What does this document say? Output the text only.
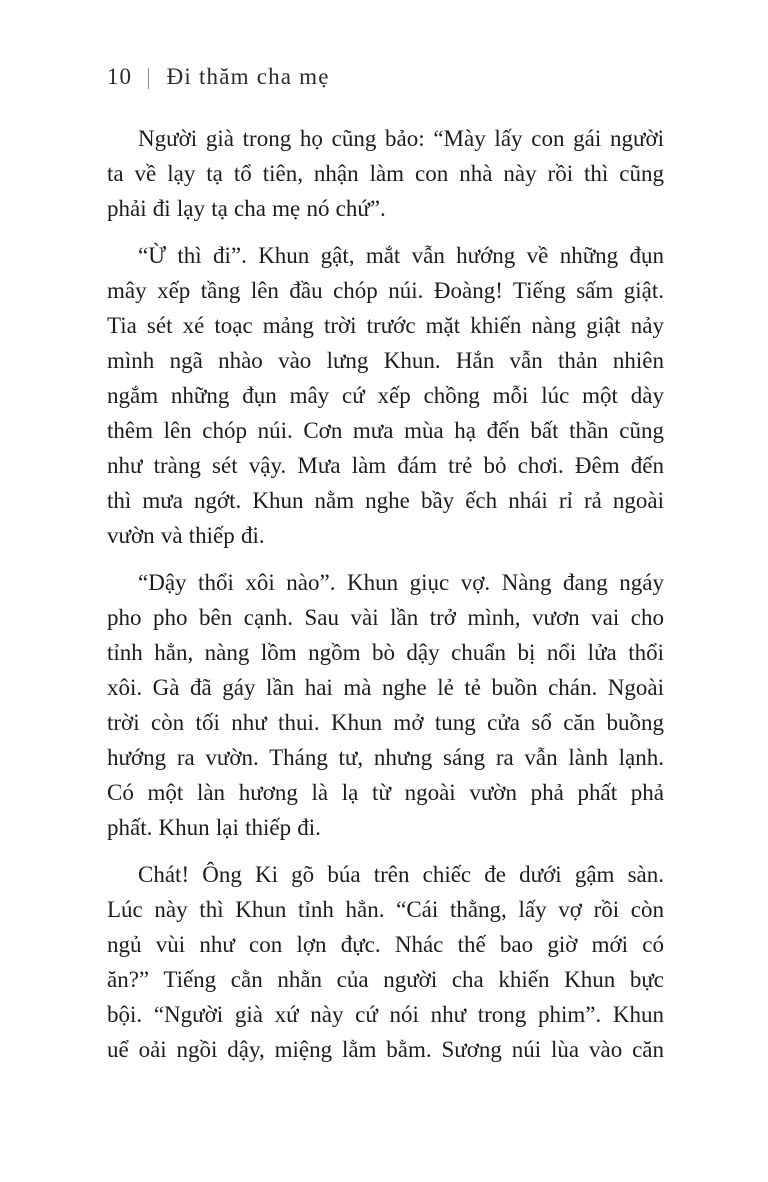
10 | Đi thăm cha mẹ
Người già trong họ cũng bảo: “Mày lấy con gái người
ta về lạy tạ tổ tiên, nhận làm con nhà này rồi thì cũng
phải đi lạy tạ cha mẹ nó chứ”.
“Ừ thì đi”. Khun gật, mắt vẫn hướng về những đụn
mây xếp tầng lên đầu chóp núi. Đoàng! Tiếng sấm giật.
Tia sét xé toạc mảng trời trước mặt khiến nàng giật nảy
mình ngã nhào vào lưng Khun. Hắn vẫn thản nhiên
ngắm những đụn mây cứ xếp chồng mỗi lúc một dày
thêm lên chóp núi. Cơn mưa mùa hạ đến bất thần cũng
như tràng sét vậy. Mưa làm đám trẻ bỏ chơi. Đêm đến
thì mưa ngớt. Khun nằm nghe bầy ếch nhái rỉ rả ngoài
vườn và thiếp đi.
“Dậy thổi xôi nào”. Khun giục vợ. Nàng đang ngáy
pho pho bên cạnh. Sau vài lần trở mình, vươn vai cho
tỉnh hẳn, nàng lồm ngồm bò dậy chuẩn bị nổi lửa thổi
xôi. Gà đã gáy lần hai mà nghe lẻ tẻ buồn chán. Ngoài
trời còn tối như thui. Khun mở tung cửa sổ căn buồng
hướng ra vườn. Tháng tư, nhưng sáng ra vẫn lành lạnh.
Có một làn hương là lạ từ ngoài vườn phả phất phả
phất. Khun lại thiếp đi.
Chát! Ông Ki gõ búa trên chiếc đe dưới gậm sàn.
Lúc này thì Khun tỉnh hẳn. “Cái thằng, lấy vợ rồi còn
ngủ vùi như con lợn đực. Nhác thế bao giờ mới có
ăn?” Tiếng cằn nhằn của người cha khiến Khun bực
bội. “Người già xứ này cứ nói như trong phim”. Khun
uể oải ngồi dậy, miệng lằm bằm. Sương núi lùa vào căn
